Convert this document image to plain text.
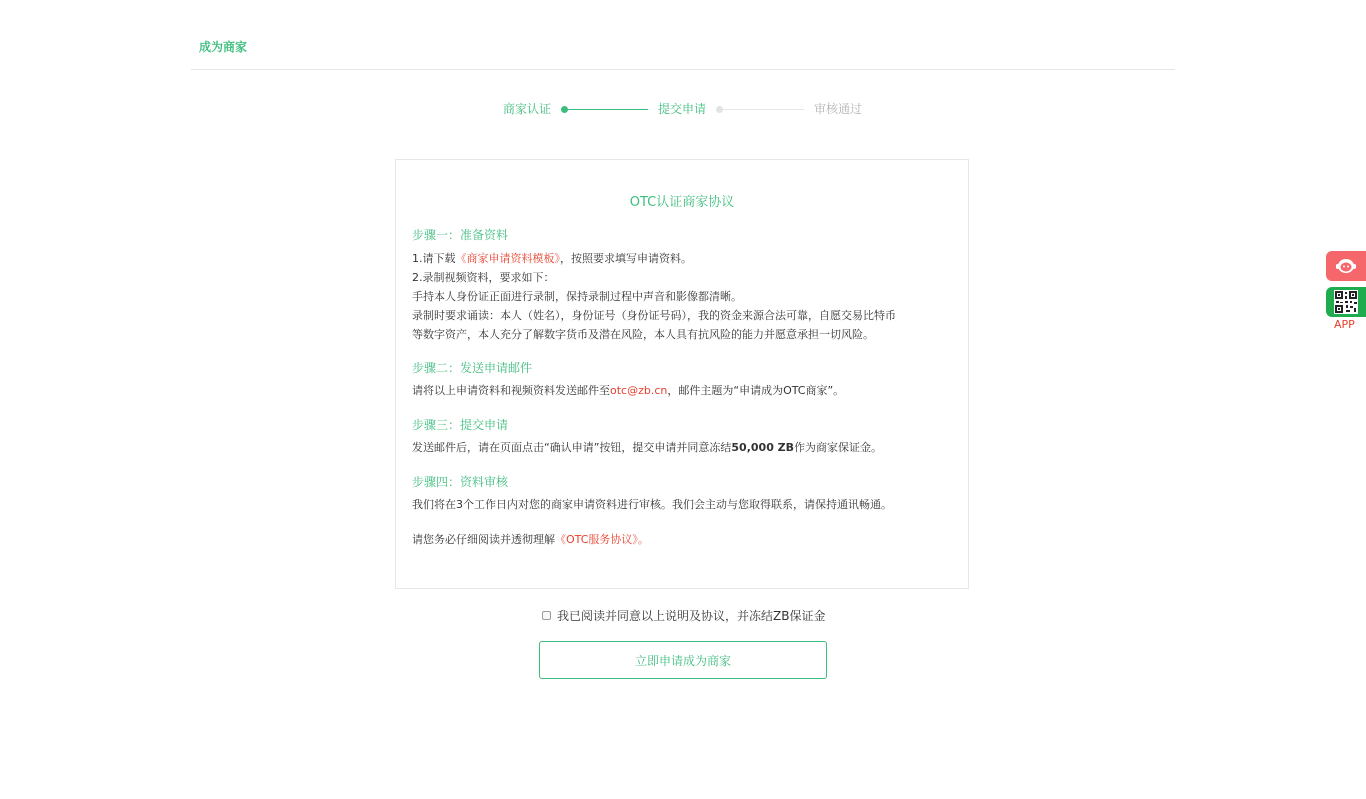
成为商家
商家认证	提交申请	审核通过
OTC认证商家协议
步骤一：准备资料
1.请下载《商家申请资料模板》，按照要求填写申请资料。
2.录制视频资料，要求如下：
手持本人身份证正面进行录制，保持录制过程中声音和影像都清晰。
录制时要求诵读：本人（姓名），身份证号（身份证号码），我的资金来源合法可靠，自愿交易比特币
等数字资产，本人充分了解数字货币及潜在风险，本人具有抗风险的能力并愿意承担一切风险。
步骤二：发送申请邮件
请将以上申请资料和视频资料发送邮件至otc@zb.cn，邮件主题为“申请成为OTC商家”。
步骤三：提交申请
发送邮件后，请在页面点击“确认申请”按钮，提交申请并同意冻结50,000 ZB作为商家保证金。
步骤四：资料审核
我们将在3个工作日内对您的商家申请资料进行审核。我们会主动与您取得联系，请保持通讯畅通。
请您务必仔细阅读并透彻理解《OTC服务协议》。
我已阅读并同意以上说明及协议，并冻结ZB保证金
立即申请成为商家
APP
